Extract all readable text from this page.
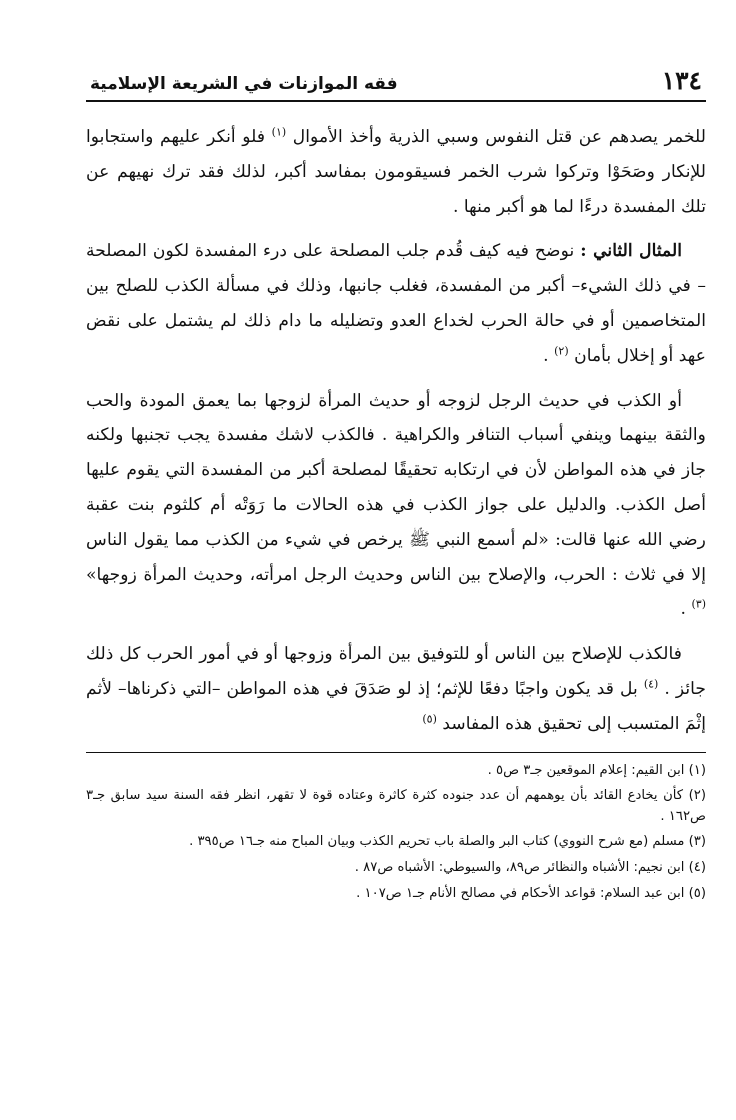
١٣٤
فقه الموازنات في الشريعة الإسلامية

للخمر يصدهم عن قتل النفوس وسبي الذرية وأخذ الأموال $^{(١)}$ فلو أنكر عليهم واستجابوا للإنكار وصَحَوْا وتركوا شرب الخمر فسيقومون بمفاسد أكبر، لذلك فقد ترك نهيهم عن تلك المفسدة درءًا لما هو أكبر منها .

المثال الثاني : نوضح فيه كيف قُدم جلب المصلحة على درء المفسدة لكون المصلحة – في ذلك الشيء– أكبر من المفسدة، فغلب جانبها، وذلك في مسألة الكذب للصلح بين المتخاصمين أو في حالة الحرب لخداع العدو وتضليله ما دام ذلك لم يشتمل على نقض عهد أو إخلال بأمان $^{(٢)}$ .

أو الكذب في حديث الرجل لزوجه أو حديث المرأة لزوجها بما يعمق المودة والحب والثقة بينهما وينفي أسباب التنافر والكراهية . فالكذب لاشك مفسدة يجب تجنبها ولكنه جاز في هذه المواطن لأن في ارتكابه تحقيقًا لمصلحة أكبر من المفسدة التي يقوم عليها أصل الكذب. والدليل على جواز الكذب في هذه الحالات ما رَوَتْه أم كلثوم بنت عقبة رضي الله عنها قالت: «لم أسمع النبي ﷺ يرخص في شيء من الكذب مما يقول الناس إلا في ثلاث : الحرب، والإصلاح بين الناس وحديث الرجل امرأته، وحديث المرأة زوجها» $^{(٣)}$ .

فالكذب للإصلاح بين الناس أو للتوفيق بين المرأة وزوجها أو في أمور الحرب كل ذلك جائز . $^{(٤)}$ بل قد يكون واجبًا دفعًا للإثم؛ إذ لو صَدَقَ في هذه المواطن –التي ذكرناها– لأثم إثْمَ المتسبب إلى تحقيق هذه المفاسد $^{(٥)}$

(١) ابن القيم: إعلام الموقعين جـ٣ ص٥ .
(٢) كأن يخادع القائد بأن يوهمهم أن عدد جنوده كثرة كاثرة وعتاده قوة لا تقهر، انظر فقه السنة سيد سابق جـ٣ ص١٦٢ .
(٣) مسلم (مع شرح النووي) كتاب البر والصلة باب تحريم الكذب وبيان المباح منه جـ١٦ ص٣٩٥ .
(٤) ابن نجيم: الأشباه والنظائر ص٨٩، والسيوطي: الأشباه ص٨٧ .
(٥) ابن عبد السلام: قواعد الأحكام في مصالح الأنام جـ١ ص١٠٧ .
